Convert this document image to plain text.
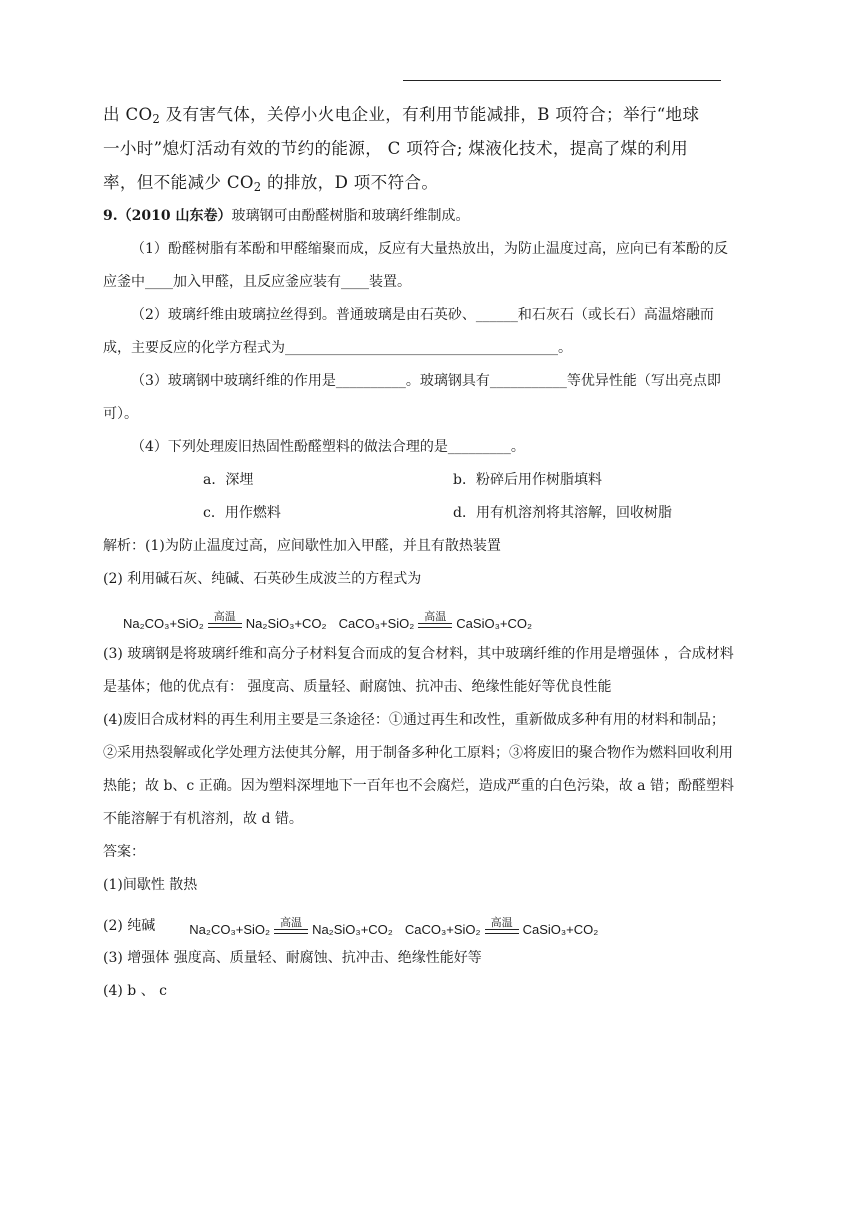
出 $CO_2$ 及有害气体，关停小火电企业，有利用节能减排，B 项符合；举行“地球

一小时”熄灯活动有效的节约的能源， C 项符合; 煤液化技术，提高了煤的利用

率，但不能减少 $CO_2$ 的排放，D 项不符合。

9.（2010 山东卷）玻璃钢可由酚醛树脂和玻璃纤维制成。

（1）酚醛树脂有苯酚和甲醛缩聚而成，反应有大量热放出，为防止温度过高，应向已有苯酚的反应釜中____加入甲醛，且反应釜应装有____装置。

（2）玻璃纤维由玻璃拉丝得到。普通玻璃是由石英砂、______和石灰石（或长石）高温熔融而成，主要反应的化学方程式为_______________________________________。

（3）玻璃钢中玻璃纤维的作用是__________。玻璃钢具有___________等优异性能（写出亮点即可）。

（4）下列处理废旧热固性酚醛塑料的做法合理的是_________。

a．深埋	b．粉碎后用作树脂填料
c．用作燃料	d．用有机溶剂将其溶解，回收树脂

解析：(1)为防止温度过高，应间歇性加入甲醛，并且有散热装置

(2) 利用碱石灰、纯碱、石英砂生成波兰的方程式为

Na₂CO₃+SiO₂ 高温 Na₂SiO₃+CO₂ CaCO₃+SiO₂ 高温 CaSiO₃+CO₂

(3) 玻璃钢是将玻璃纤维和高分子材料复合而成的复合材料，其中玻璃纤维的作用是增强体 ，合成材料是基体；他的优点有： 强度高、质量轻、耐腐蚀、抗冲击、绝缘性能好等优良性能

(4)废旧合成材料的再生利用主要是三条途径：①通过再生和改性，重新做成多种有用的材料和制品；②采用热裂解或化学处理方法使其分解，用于制备多种化工原料；③将废旧的聚合物作为燃料回收利用热能；故 b、c 正确。因为塑料深埋地下一百年也不会腐烂，造成严重的白色污染，故 a 错；酚醛塑料不能溶解于有机溶剂，故 d 错。

答案：

(1)间歇性 散热

(2) 纯碱	Na₂CO₃+SiO₂ 高温 Na₂SiO₃+CO₂ CaCO₃+SiO₂ 高温 CaSiO₃+CO₂

(3) 增强体 强度高、质量轻、耐腐蚀、抗冲击、绝缘性能好等

(4) b 、 c
